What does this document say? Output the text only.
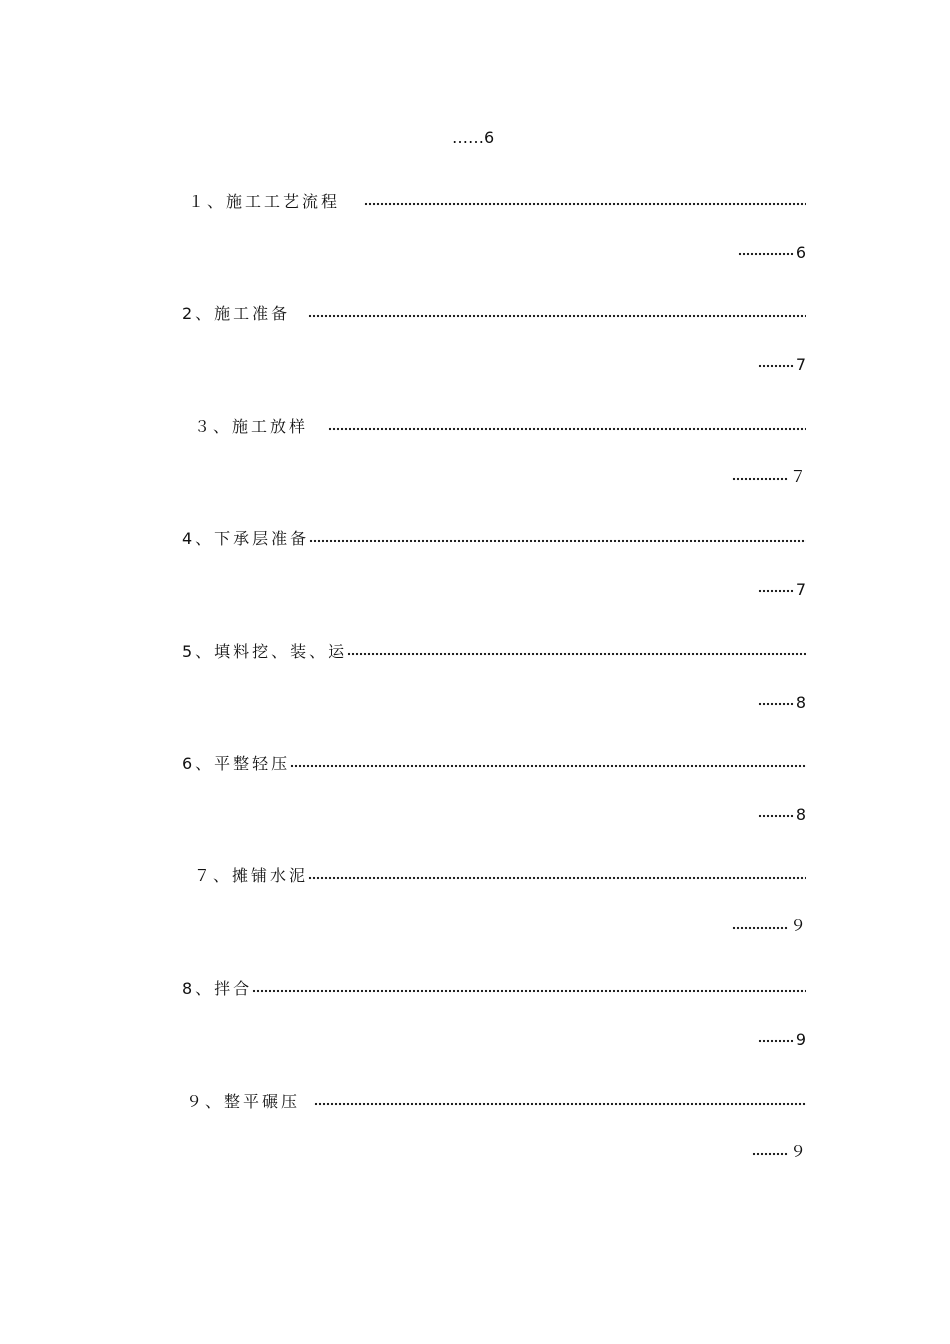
……6
１、施工工艺流程
6
2、施工准备
7
３、施工放样
７
4、下承层准备
7
5、填料挖、装、运
8
6、平整轻压
8
７、摊铺水泥
９
8、拌合
9
９、整平碾压
９
